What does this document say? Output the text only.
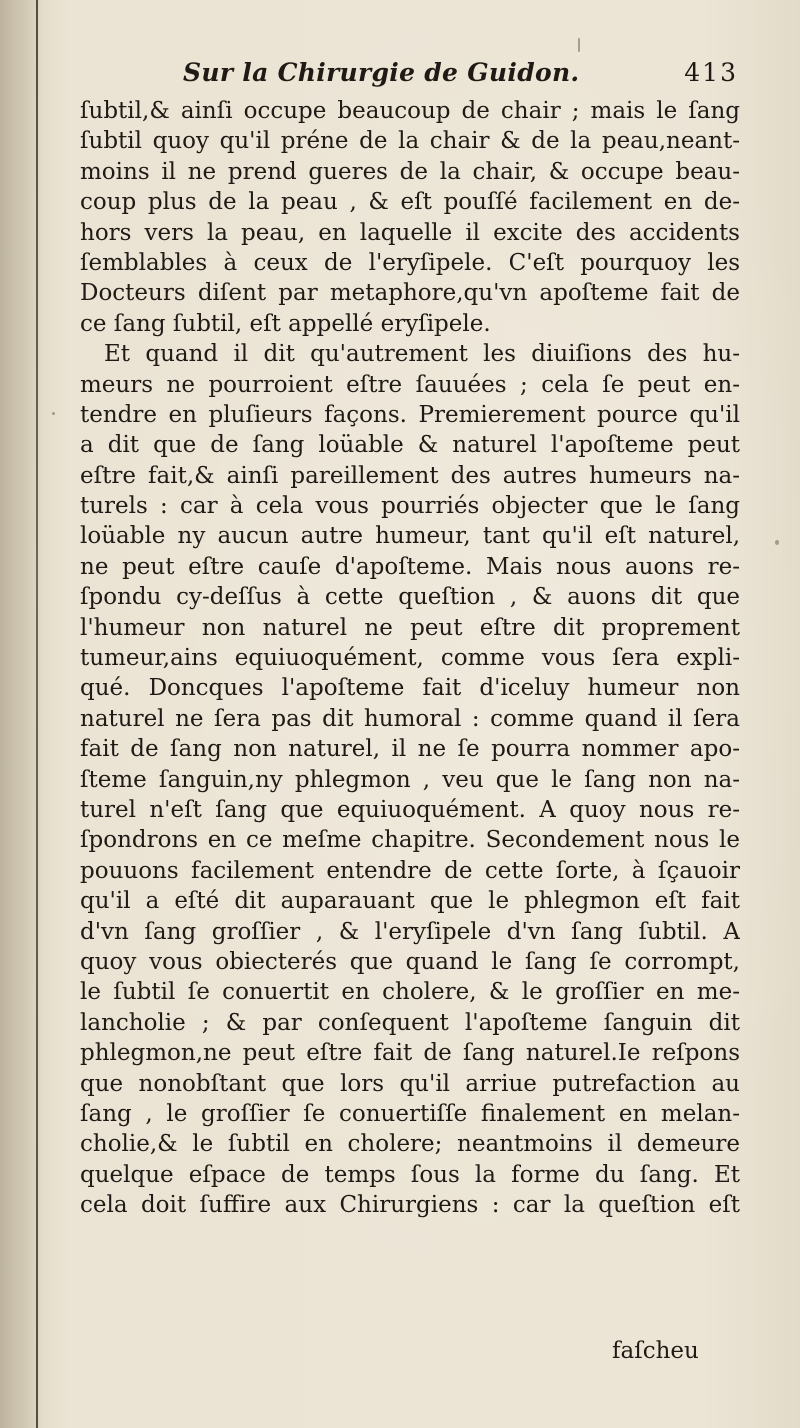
Sur la Chirurgie de Guidon.	413
ſubtil,& ainſi occupe beaucoup de chair ; mais le ſang
ſubtil quoy qu'il préne de la chair & de la peau,neant-
moins il ne prend gueres de la chair, & occupe beau-
coup plus de la peau , & eſt pouſſé facilement en de-
hors vers la peau, en laquelle il excite des accidents
ſemblables à ceux de l'eryſipele. C'eſt pourquoy les
Docteurs diſent par metaphore,qu'vn apoſteme fait de
ce ſang ſubtil, eſt appellé eryſipele.
Et quand il dit qu'autrement les diuiſions des hu-
meurs ne pourroient eſtre ſauuées ; cela ſe peut en-
tendre en pluſieurs façons. Premierement pource qu'il
a dit que de ſang loüable & naturel l'apoſteme peut
eſtre fait,& ainſi pareillement des autres humeurs na-
turels : car à cela vous pourriés objecter que le ſang
loüable ny aucun autre humeur, tant qu'il eſt naturel,
ne peut eſtre cauſe d'apoſteme. Mais nous auons re-
ſpondu cy-deſſus à cette queſtion , & auons dit que
l'humeur non naturel ne peut eſtre dit proprement
tumeur,ains equiuoquément, comme vous ſera expli-
qué. Doncques l'apoſteme fait d'iceluy humeur non
naturel ne ſera pas dit humoral : comme quand il ſera
fait de ſang non naturel, il ne ſe pourra nommer apo-
ſteme ſanguin,ny phlegmon , veu que le ſang non na-
turel n'eſt ſang que equiuoquément. A quoy nous re-
ſpondrons en ce meſme chapitre. Secondement nous le
pouuons facilement entendre de cette ſorte, à ſçauoir
qu'il a eſté dit auparauant que le phlegmon eſt fait
d'vn ſang groſſier , & l'eryſipele d'vn ſang ſubtil. A
quoy vous obiecterés que quand le ſang ſe corrompt,
le ſubtil ſe conuertit en cholere, & le groſſier en me-
lancholie ; & par conſequent l'apoſteme ſanguin dit
phlegmon,ne peut eſtre fait de ſang naturel.Ie reſpons
que nonobſtant que lors qu'il arriue putrefaction au
ſang , le groſſier ſe conuertiſſe finalement en melan-
cholie,& le ſubtil en cholere; neantmoins il demeure
quelque eſpace de temps ſous la forme du ſang. Et
cela doit ſuffire aux Chirurgiens : car la queſtion eſt
faſcheu
